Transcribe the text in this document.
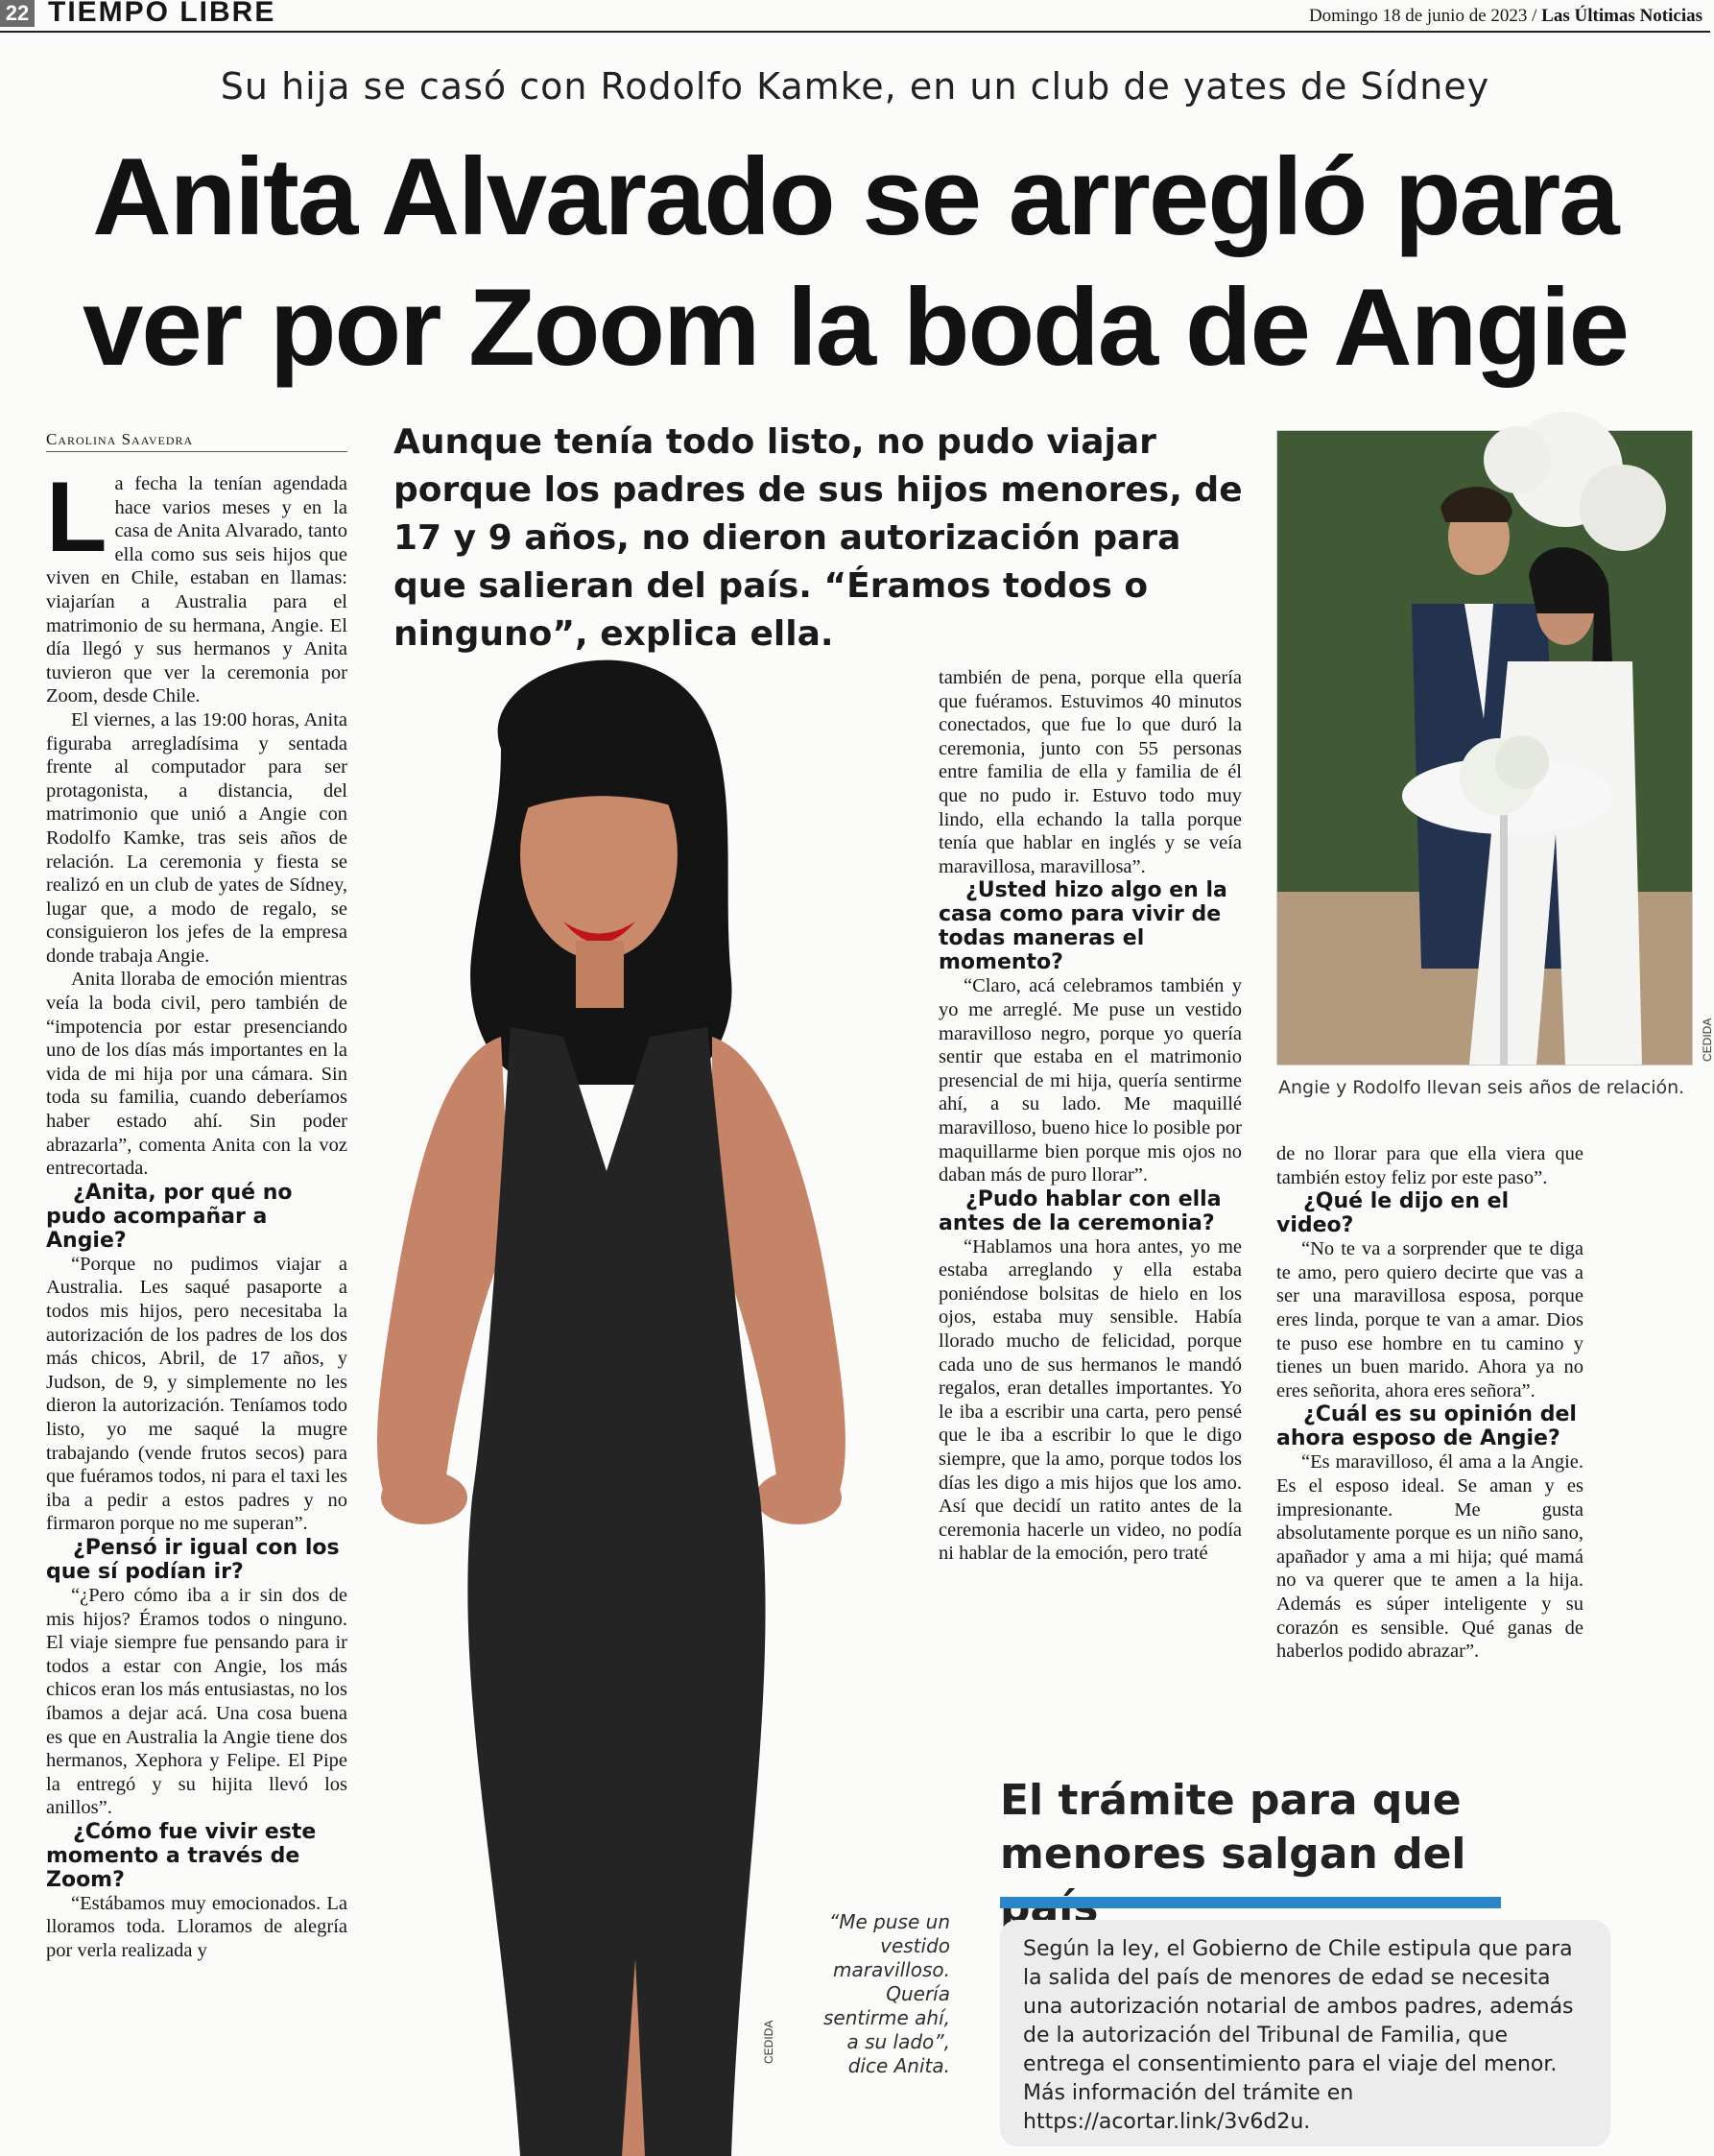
22 TIEMPO LIBRE	Domingo 18 de junio de 2023 / Las Últimas Noticias
Su hija se casó con Rodolfo Kamke, en un club de yates de Sídney
Anita Alvarado se arregló para ver por Zoom la boda de Angie
Carolina Saavedra	Aunque tenía todo listo, no pudo viajar porque los padres de sus hijos menores, de 17 y 9 años, no dieron autorización para que salieran del país. “Éramos todos o ninguno”, explica ella.

La fecha la tenían agendada hace varios meses y en la casa de Anita Alvarado, tanto ella como sus seis hijos que viven en Chile, estaban en llamas: viajarían a Australia para el matrimonio de su hermana, Angie. El día llegó y sus hermanos y Anita tuvieron que ver la ceremonia por Zoom, desde Chile.

El viernes, a las 19:00 horas, Anita figuraba arregladísima y sentada frente al computador para ser protagonista, a distancia, del matrimonio que unió a Angie con Rodolfo Kamke, tras seis años de relación. La ceremonia y fiesta se realizó en un club de yates de Sídney, lugar que, a modo de regalo, se consiguieron los jefes de la empresa donde trabaja Angie.

Anita lloraba de emoción mientras veía la boda civil, pero también de “impotencia por estar presenciando uno de los días más importantes en la vida de mi hija por una cámara. Sin toda su familia, cuando deberíamos haber estado ahí. Sin poder abrazarla”, comenta Anita con la voz entrecortada.

¿Anita, por qué no pudo acompañar a Angie?

“Porque no pudimos viajar a Australia. Les saqué pasaporte a todos mis hijos, pero necesitaba la autorización de los padres de los dos más chicos, Abril, de 17 años, y Judson, de 9, y simplemente no les dieron la autorización. Teníamos todo listo, yo me saqué la mugre trabajando (vende frutos secos) para que fuéramos todos, ni para el taxi les iba a pedir a estos padres y no firmaron porque no me superan”.

¿Pensó ir igual con los que sí podían ir?

“¿Pero cómo iba a ir sin dos de mis hijos? Éramos todos o ninguno. El viaje siempre fue pensando para ir todos a estar con Angie, los más chicos eran los más entusiastas, no los íbamos a dejar acá. Una cosa buena es que en Australia la Angie tiene dos hermanos, Xephora y Felipe. El Pipe la entregó y su hijita llevó los anillos”.

¿Cómo fue vivir este momento a través de Zoom?

“Estábamos muy emocionados. La lloramos toda. Lloramos de alegría por verla realizada y

CEDIDA
“Me puse un vestido maravilloso. Quería sentirme ahí, a su lado”, dice Anita.

también de pena, porque ella quería que fuéramos. Estuvimos 40 minutos conectados, que fue lo que duró la ceremonia, junto con 55 personas entre familia de ella y familia de él que no pudo ir. Estuvo todo muy lindo, ella echando la talla porque tenía que hablar en inglés y se veía maravillosa, maravillosa”.

¿Usted hizo algo en la casa como para vivir de todas maneras el momento?

“Claro, acá celebramos también y yo me arreglé. Me puse un vestido maravilloso negro, porque yo quería sentir que estaba en el matrimonio presencial de mi hija, quería sentirme ahí, a su lado. Me maquillé maravilloso, bueno hice lo posible por maquillarme bien porque mis ojos no daban más de puro llorar”.

¿Pudo hablar con ella antes de la ceremonia?

“Hablamos una hora antes, yo me estaba arreglando y ella estaba poniéndose bolsitas de hielo en los ojos, estaba muy sensible. Había llorado mucho de felicidad, porque cada uno de sus hermanos le mandó regalos, eran detalles importantes. Yo le iba a escribir una carta, pero pensé que le iba a escribir lo que le digo siempre, que la amo, porque todos los días les digo a mis hijos que los amo. Así que decidí un ratito antes de la ceremonia hacerle un video, no podía ni hablar de la emoción, pero traté

CEDIDA
Angie y Rodolfo llevan seis años de relación.

de no llorar para que ella viera que también estoy feliz por este paso”.

¿Qué le dijo en el video?

“No te va a sorprender que te diga te amo, pero quiero decirte que vas a ser una maravillosa esposa, porque eres linda, porque te van a amar. Dios te puso ese hombre en tu camino y tienes un buen marido. Ahora ya no eres señorita, ahora eres señora”.

¿Cuál es su opinión del ahora esposo de Angie?

“Es maravilloso, él ama a la Angie. Es el esposo ideal. Se aman y es impresionante. Me gusta absolutamente porque es un niño sano, apañador y ama a mi hija; qué mamá no va querer que te amen a la hija. Además es súper inteligente y su corazón es sensible. Qué ganas de haberlos podido abrazar”.

El trámite para que menores salgan del
Según la ley, el Gobierno de Chile estipula que para la salida del país de menores de edad se necesita una autorización notarial de ambos padres, además de la autorización del Tribunal de Familia, que entrega el consentimiento para el viaje del menor. Más información del trámite en https://acortar.link/3v6d2u.
